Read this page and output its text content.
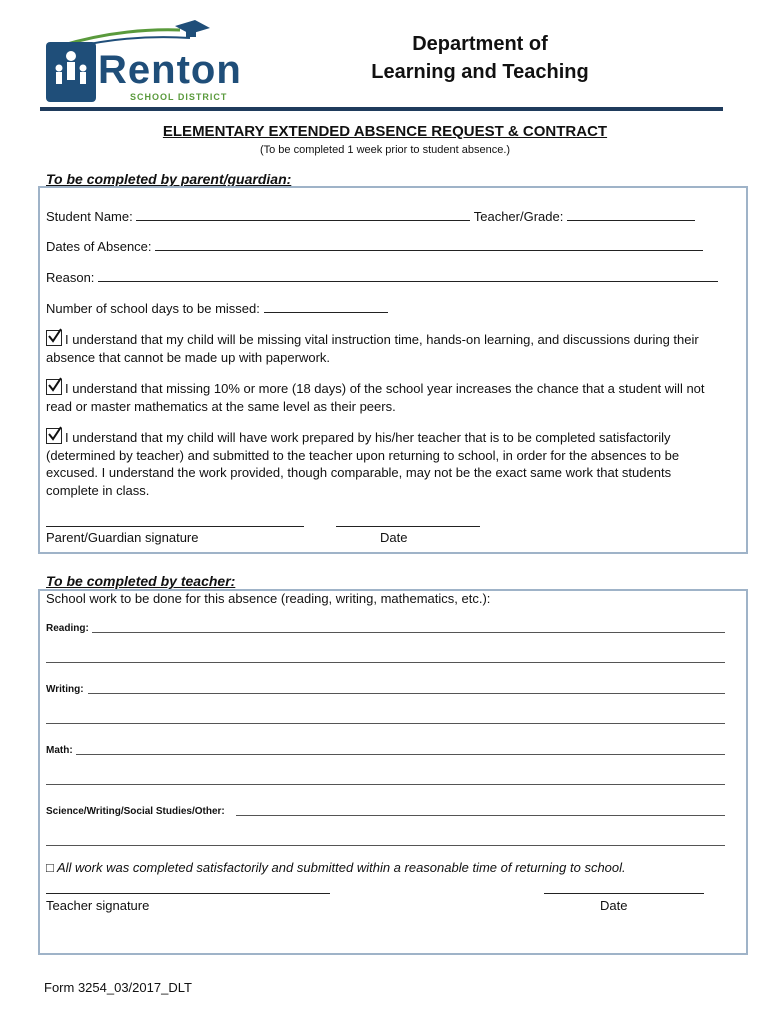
Renton
SCHOOL DISTRICT
Department of
Learning and Teaching
ELEMENTARY EXTENDED ABSENCE REQUEST & CONTRACT
(To be completed 1 week prior to student absence.)
To be completed by parent/guardian:
Student Name:	Teacher/Grade:
Dates of Absence:
Reason:
Number of school days to be missed:
I understand that my child will be missing vital instruction time, hands-on learning, and discussions during their absence that cannot be made up with paperwork.
I understand that missing 10% or more (18 days) of the school year increases the chance that a student will not read or master mathematics at the same level as their peers.
I understand that my child will have work prepared by his/her teacher that is to be completed satisfactorily (determined by teacher) and submitted to the teacher upon returning to school, in order for the absences to be excused. I understand the work provided, though comparable, may not be the exact same work that students complete in class.
Parent/Guardian signature	Date
To be completed by teacher:
School work to be done for this absence (reading, writing, mathematics, etc.):
Reading:
Writing:
Math:
Science/Writing/Social Studies/Other:
□ All work was completed satisfactorily and submitted within a reasonable time of returning to school.
Teacher signature	Date
Form 3254_03/2017_DLT
